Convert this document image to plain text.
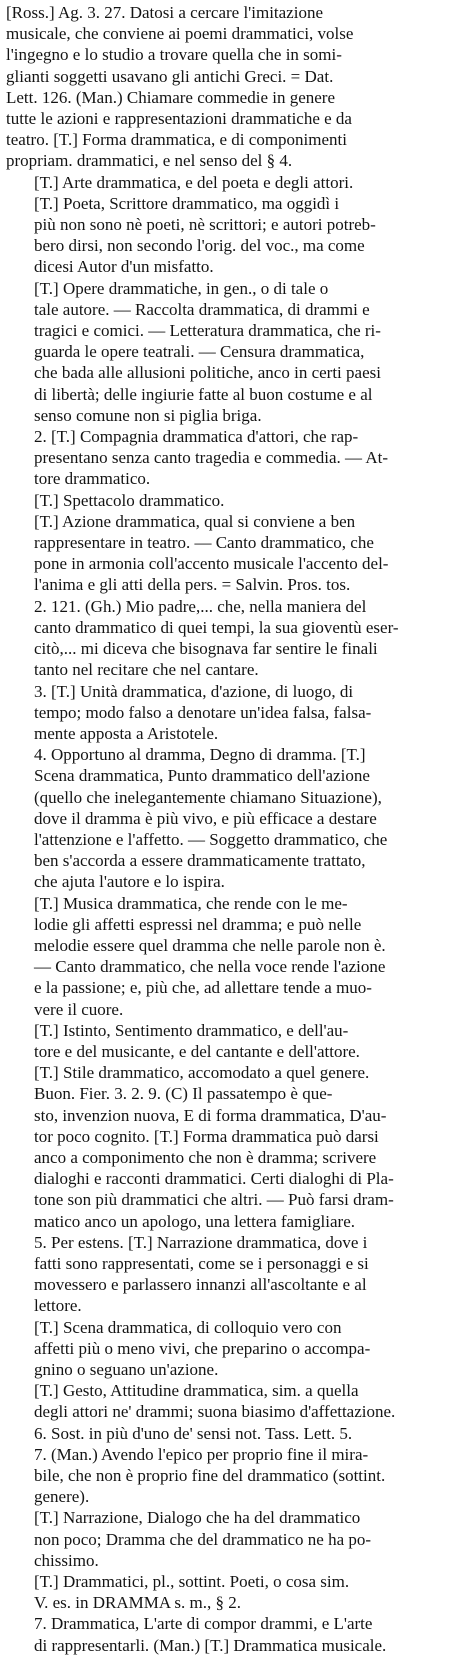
[Ross.] Ag. 3. 27. Datosi a cercare l'imitazione
musicale, che conviene ai poemi drammatici, volse
l'ingegno e lo studio a trovare quella che in somi-
glianti soggetti usavano gli antichi Greci. = Dat.
Lett. 126. (Man.) Chiamare commedie in genere
tutte le azioni e rappresentazioni drammatiche e da
teatro. [T.] Forma drammatica, e di componimenti
propriam. drammatici, e nel senso del § 4.

[T.] Arte drammatica, e del poeta e degli attori.

[T.] Poeta, Scrittore drammatico, ma oggidì i
più non sono nè poeti, nè scrittori; e autori potreb-
bero dirsi, non secondo l'orig. del voc., ma come
dicesi Autor d'un misfatto.

[T.] Opere drammatiche, in gen., o di tale o
tale autore. — Raccolta drammatica, di drammi e
tragici e comici. — Letteratura drammatica, che ri-
guarda le opere teatrali. — Censura drammatica,
che bada alle allusioni politiche, anco in certi paesi
di libertà; delle ingiurie fatte al buon costume e al
senso comune non si piglia briga.

2. [T.] Compagnia drammatica d'attori, che rap-
presentano senza canto tragedia e commedia. — At-
tore drammatico.

[T.] Spettacolo drammatico.

[T.] Azione drammatica, qual si conviene a ben
rappresentare in teatro. — Canto drammatico, che
pone in armonia coll'accento musicale l'accento del-
l'anima e gli atti della pers. = Salvin. Pros. tos.
2. 121. (Gh.) Mio padre,... che, nella maniera del
canto drammatico di quei tempi, la sua gioventù eser-
citò,... mi diceva che bisognava far sentire le finali
tanto nel recitare che nel cantare.

3. [T.] Unità drammatica, d'azione, di luogo, di
tempo; modo falso a denotare un'idea falsa, falsa-
mente apposta a Aristotele.

4. Opportuno al dramma, Degno di dramma. [T.]
Scena drammatica, Punto drammatico dell'azione
(quello che inelegantemente chiamano Situazione),
dove il dramma è più vivo, e più efficace a destare
l'attenzione e l'affetto. — Soggetto drammatico, che
ben s'accorda a essere drammaticamente trattato,
che ajuta l'autore e lo ispira.

[T.] Musica drammatica, che rende con le me-
lodie gli affetti espressi nel dramma; e può nelle
melodie essere quel dramma che nelle parole non è.
— Canto drammatico, che nella voce rende l'azione
e la passione; e, più che, ad allettare tende a muo-
vere il cuore.

[T.] Istinto, Sentimento drammatico, e dell'au-
tore e del musicante, e del cantante e dell'attore.

[T.] Stile drammatico, accomodato a quel genere.
Buon. Fier. 3. 2. 9. (C) Il passatempo è que-
sto, invenzion nuova, E di forma drammatica, D'au-
tor poco cognito. [T.] Forma drammatica può darsi
anco a componimento che non è dramma; scrivere
dialoghi e racconti drammatici. Certi dialoghi di Pla-
tone son più drammatici che altri. — Può farsi dram-
matico anco un apologo, una lettera famigliare.

5. Per estens. [T.] Narrazione drammatica, dove i
fatti sono rappresentati, come se i personaggi e si
movessero e parlassero innanzi all'ascoltante e al
lettore.

[T.] Scena drammatica, di colloquio vero con
affetti più o meno vivi, che preparino o accompa-
gnino o seguano un'azione.

[T.] Gesto, Attitudine drammatica, sim. a quella
degli attori ne' drammi; suona biasimo d'affettazione.

6. Sost. in più d'uno de' sensi not. Tass. Lett. 5.
7. (Man.) Avendo l'epico per proprio fine il mira-
bile, che non è proprio fine del drammatico (sottint.
genere).

[T.] Narrazione, Dialogo che ha del drammatico
non poco; Dramma che del drammatico ne ha po-
chissimo.

[T.] Drammatici, pl., sottint. Poeti, o cosa sim.
V. es. in DRAMMA s. m., § 2.

7. Drammatica, L'arte di compor drammi, e L'arte
di rappresentarli. (Man.) [T.] Drammatica musicale.
